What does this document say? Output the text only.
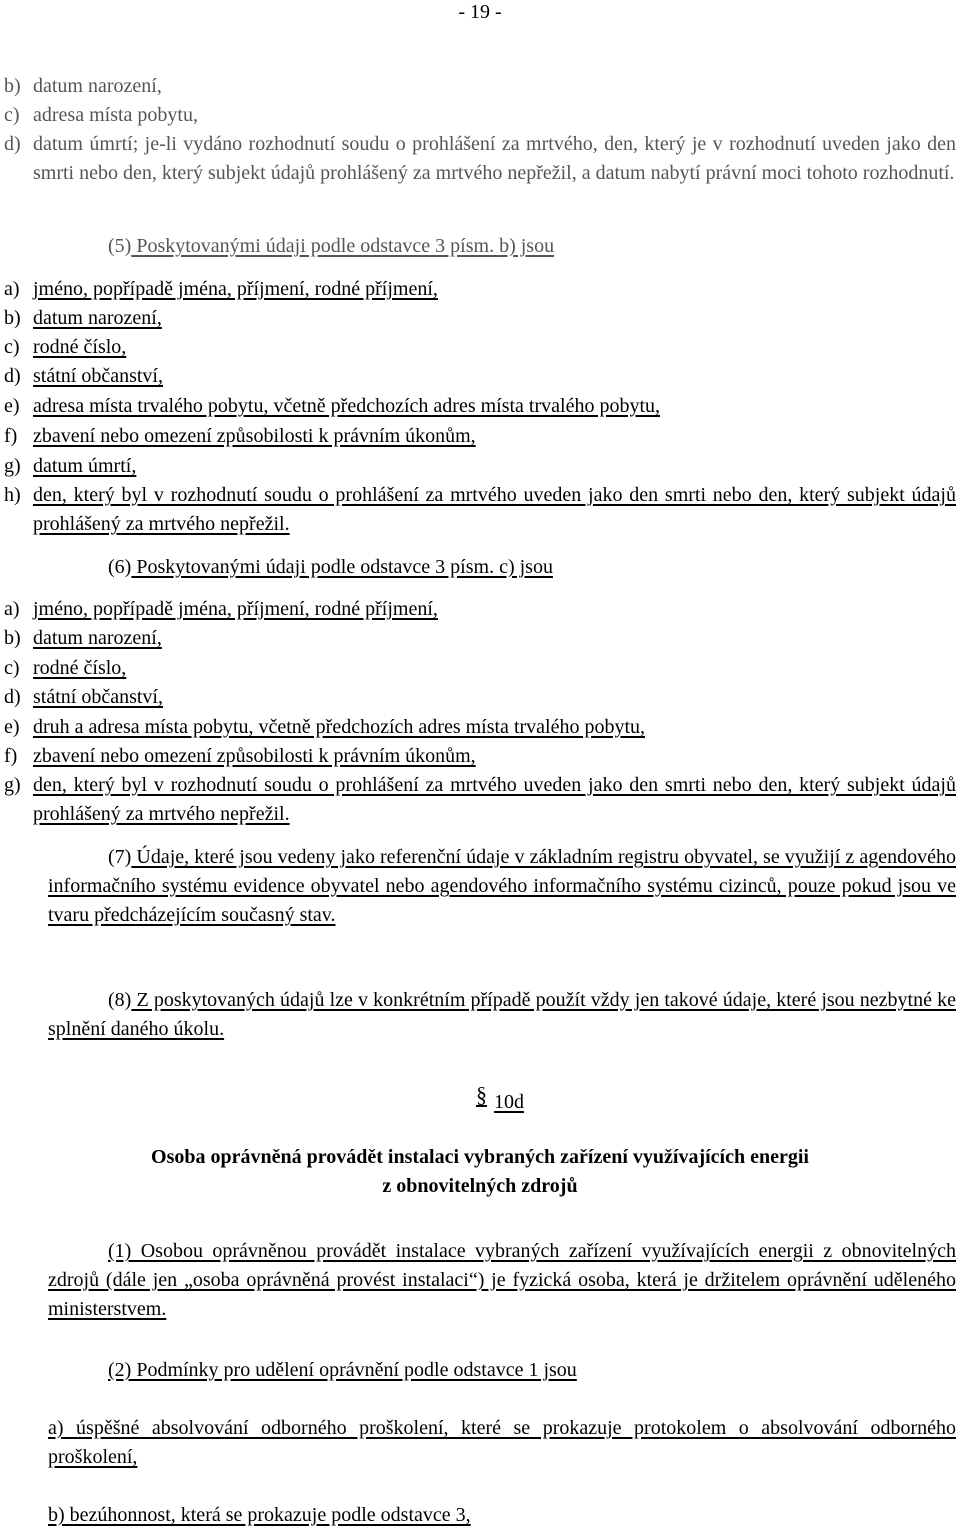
- 19 -
b) datum narození,
c) adresa místa pobytu,
d) datum úmrtí; je-li vydáno rozhodnutí soudu o prohlášení za mrtvého, den, který je v rozhodnutí uveden jako den smrti nebo den, který subjekt údajů prohlášený za mrtvého nepřežil, a datum nabytí právní moci tohoto rozhodnutí.
(5) Poskytovanými údaji podle odstavce 3 písm. b) jsou
a) jméno, popřípadě jména, příjmení, rodné příjmení,
b) datum narození,
c) rodné číslo,
d) státní občanství,
e) adresa místa trvalého pobytu, včetně předchozích adres místa trvalého pobytu,
f) zbavení nebo omezení způsobilosti k právním úkonům,
g) datum úmrtí,
h) den, který byl v rozhodnutí soudu o prohlášení za mrtvého uveden jako den smrti nebo den, který subjekt údajů prohlášený za mrtvého nepřežil.
(6) Poskytovanými údaji podle odstavce 3 písm. c) jsou
a) jméno, popřípadě jména, příjmení, rodné příjmení,
b) datum narození,
c) rodné číslo,
d) státní občanství,
e) druh a adresa místa pobytu, včetně předchozích adres místa trvalého pobytu,
f) zbavení nebo omezení způsobilosti k právním úkonům,
g) den, který byl v rozhodnutí soudu o prohlášení za mrtvého uveden jako den smrti nebo den, který subjekt údajů prohlášený za mrtvého nepřežil.
(7) Údaje, které jsou vedeny jako referenční údaje v základním registru obyvatel, se využijí z agendového informačního systému evidence obyvatel nebo agendového informačního systému cizinců, pouze pokud jsou ve tvaru předcházejícím současný stav.
(8) Z poskytovaných údajů lze v konkrétním případě použít vždy jen takové údaje, které jsou nezbytné ke splnění daného úkolu.
§ 10d
Osoba oprávněná provádět instalaci vybraných zařízení využívajících energii
z obnovitelných zdrojů
(1) Osobou oprávněnou provádět instalace vybraných zařízení využívajících energii z obnovitelných zdrojů (dále jen „osoba oprávněná provést instalaci“) je fyzická osoba, která je držitelem oprávnění uděleného ministerstvem.
(2) Podmínky pro udělení oprávnění podle odstavce 1 jsou
a) úspěšné absolvování odborného proškolení, které se prokazuje protokolem o absolvování odborného proškolení,
b) bezúhonnost, která se prokazuje podle odstavce 3,
